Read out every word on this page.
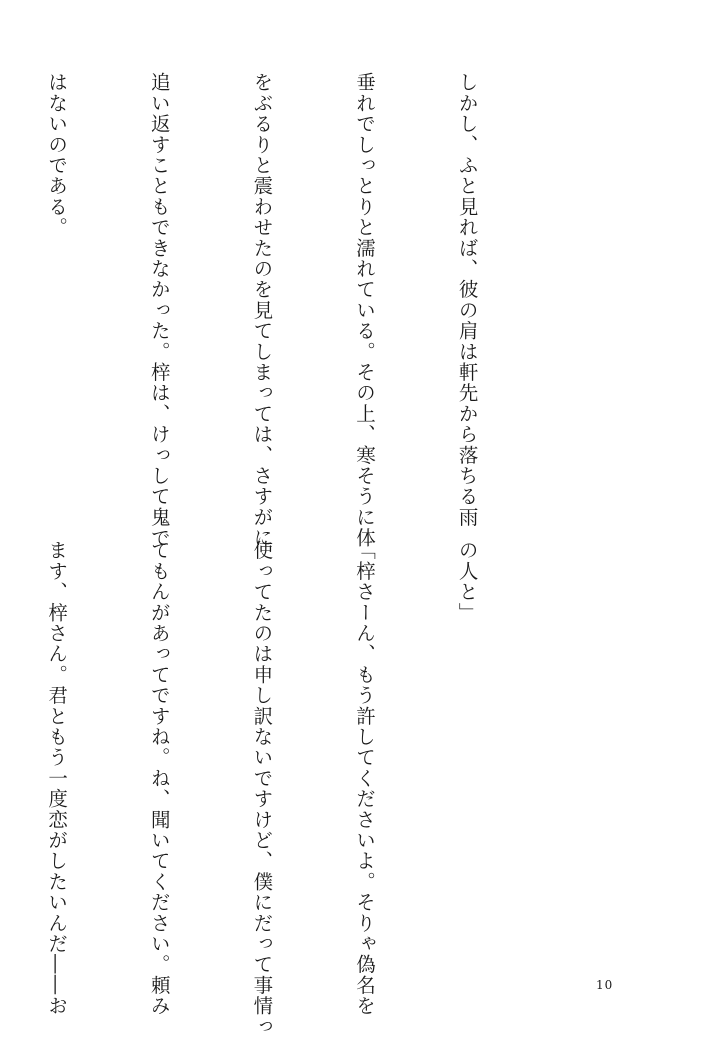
しかし、ふと見れば、彼の肩は軒先から落ちる雨

垂れでしっとりと濡れている。その上、寒そうに体

をぶるりと震わせたのを見てしまっては、さすがに

追い返すこともできなかった。梓は、けっして鬼で

はないのである。

の人と」

「梓さーん、もう許してくださいよ。そりゃ偽名を

使ってたのは申し訳ないですけど、僕にだって事情っ

てもんがあってですね。ね、聞いてください。頼み

ます、梓さん。君ともう一度恋がしたいんだ――お

	10
